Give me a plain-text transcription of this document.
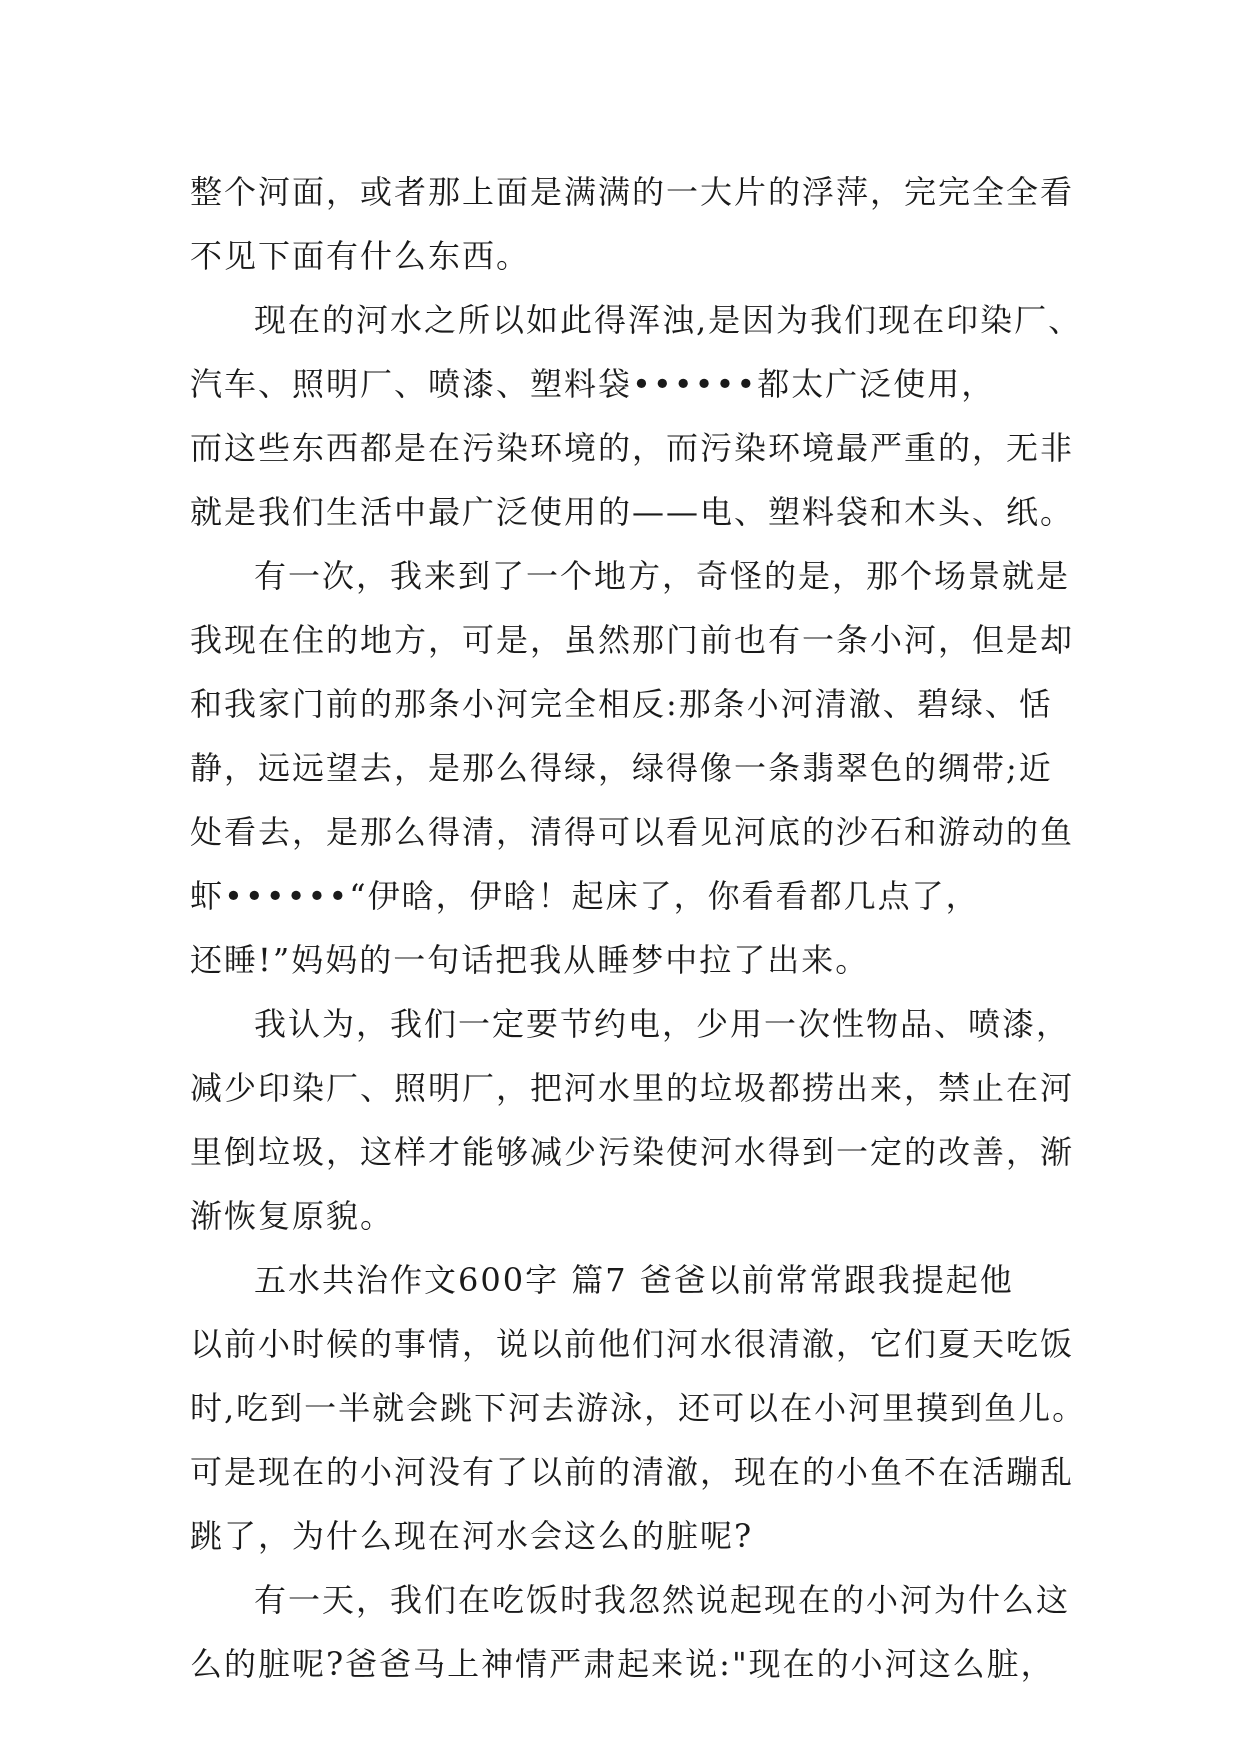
整个河面，或者那上面是满满的一大片的浮萍，完完全全看
不见下面有什么东西。
现在的河水之所以如此得浑浊,是因为我们现在印染厂、
汽车、照明厂、喷漆、塑料袋••••••都太广泛使用，
而这些东西都是在污染环境的，而污染环境最严重的，无非
就是我们生活中最广泛使用的——电、塑料袋和木头、纸。
有一次，我来到了一个地方，奇怪的是，那个场景就是
我现在住的地方，可是，虽然那门前也有一条小河，但是却
和我家门前的那条小河完全相反:那条小河清澈、碧绿、恬
静，远远望去，是那么得绿，绿得像一条翡翠色的绸带;近
处看去，是那么得清，清得可以看见河底的沙石和游动的鱼
虾••••••“伊晗，伊晗！起床了，你看看都几点了，
还睡!”妈妈的一句话把我从睡梦中拉了出来。
我认为，我们一定要节约电，少用一次性物品、喷漆，
减少印染厂、照明厂，把河水里的垃圾都捞出来，禁止在河
里倒垃圾，这样才能够减少污染使河水得到一定的改善，渐
渐恢复原貌。
五水共治作文600字 篇7 爸爸以前常常跟我提起他
以前小时候的事情，说以前他们河水很清澈，它们夏天吃饭
时,吃到一半就会跳下河去游泳，还可以在小河里摸到鱼儿。
可是现在的小河没有了以前的清澈，现在的小鱼不在活蹦乱
跳了，为什么现在河水会这么的脏呢?
有一天，我们在吃饭时我忽然说起现在的小河为什么这
么的脏呢?爸爸马上神情严肃起来说:"现在的小河这么脏，
